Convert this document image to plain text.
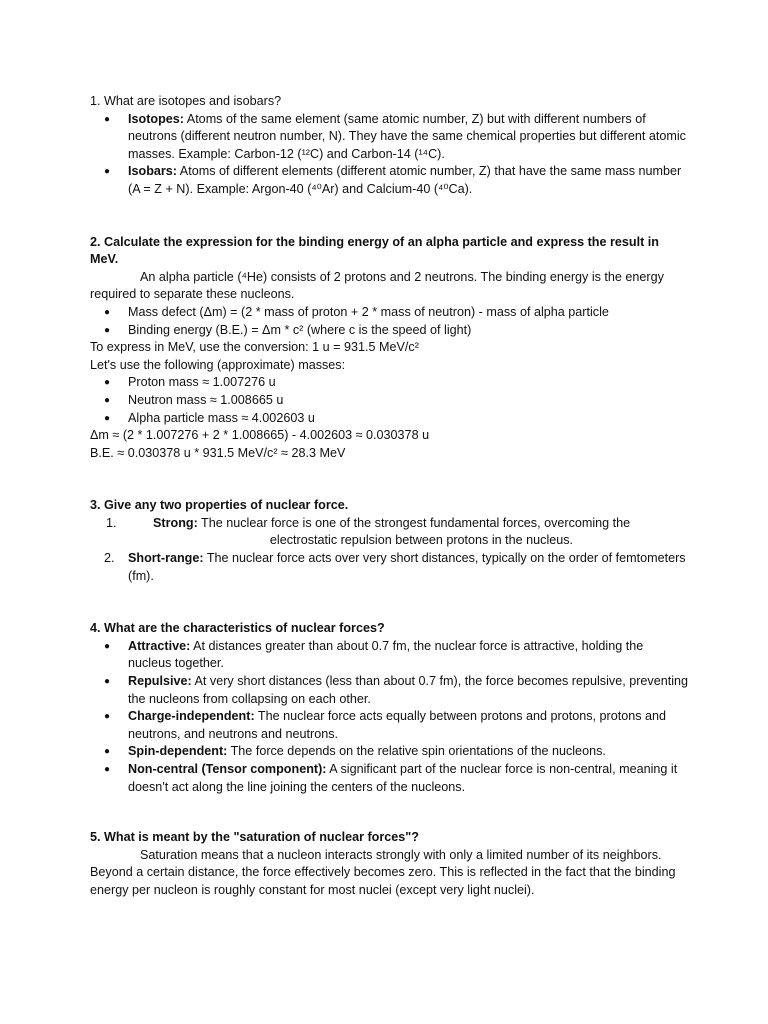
1. What are isotopes and isobars?

● Isotopes: Atoms of the same element (same atomic number, Z) but with different numbers of neutrons (different neutron number, N). They have the same chemical properties but different atomic masses. Example: Carbon-12 (¹²C) and Carbon-14 (¹⁴C).
● Isobars: Atoms of different elements (different atomic number, Z) that have the same mass number (A = Z + N). Example: Argon-40 (⁴⁰Ar) and Calcium-40 (⁴⁰Ca).

2. Calculate the expression for the binding energy of an alpha particle and express the result in MeV.

An alpha particle (⁴He) consists of 2 protons and 2 neutrons. The binding energy is the energy required to separate these nucleons.

● Mass defect (Δm) = (2 * mass of proton + 2 * mass of neutron) - mass of alpha particle
● Binding energy (B.E.) = Δm * c² (where c is the speed of light)

To express in MeV, use the conversion: 1 u = 931.5 MeV/c²

Let's use the following (approximate) masses:

● Proton mass ≈ 1.007276 u
● Neutron mass ≈ 1.008665 u
● Alpha particle mass ≈ 4.002603 u

Δm ≈ (2 * 1.007276 + 2 * 1.008665) - 4.002603 ≈ 0.030378 u

B.E. ≈ 0.030378 u * 931.5 MeV/c² ≈ 28.3 MeV

3. Give any two properties of nuclear force.

1.	Strong: The nuclear force is one of the strongest fundamental forces, overcoming the
electrostatic repulsion between protons in the nucleus.
2. Short-range: The nuclear force acts over very short distances, typically on the order of femtometers (fm).

4. What are the characteristics of nuclear forces?

● Attractive: At distances greater than about 0.7 fm, the nuclear force is attractive, holding the nucleus together.
● Repulsive: At very short distances (less than about 0.7 fm), the force becomes repulsive, preventing the nucleons from collapsing on each other.
● Charge-independent: The nuclear force acts equally between protons and protons, protons and neutrons, and neutrons and neutrons.
● Spin-dependent: The force depends on the relative spin orientations of the nucleons.
● Non-central (Tensor component): A significant part of the nuclear force is non-central, meaning it doesn't act along the line joining the centers of the nucleons.

5. What is meant by the "saturation of nuclear forces"?

Saturation means that a nucleon interacts strongly with only a limited number of its neighbors. Beyond a certain distance, the force effectively becomes zero. This is reflected in the fact that the binding energy per nucleon is roughly constant for most nuclei (except very light nuclei).
